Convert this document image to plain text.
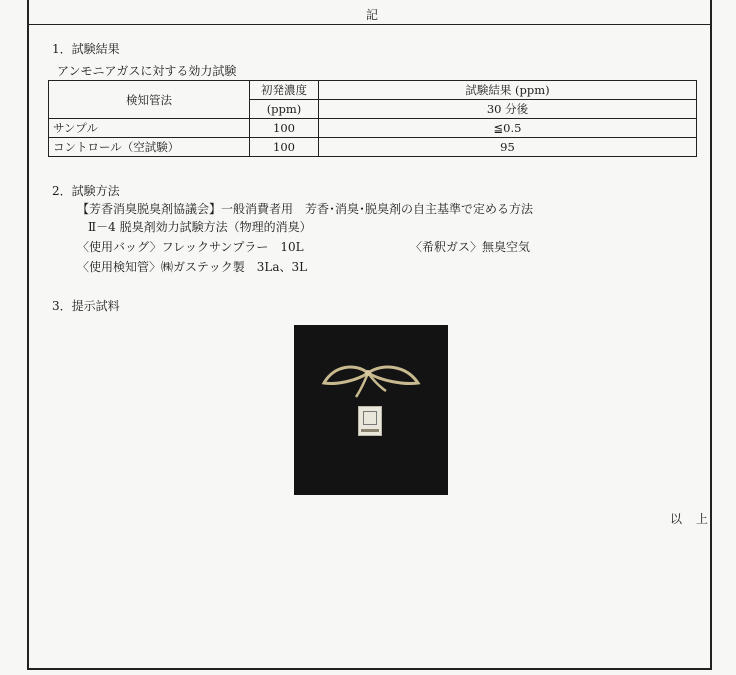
記
1．試験結果
アンモニアガスに対する効力試験
検知管法	初発濃度	試験結果 (ppm)
	(ppm)	30 分後
サンプル	100	≦0.5
コントロール（空試験）	100	95
2．試験方法
【芳香消臭脱臭剤協議会】一般消費者用　芳香･消臭･脱臭剤の自主基準で定める方法
Ⅱ－4 脱臭剤効力試験方法（物理的消臭）
〈使用バッグ〉フレックサンプラー　10L	〈希釈ガス〉無臭空気
〈使用検知管〉㈱ガステック製　3La、3L
3．提示試料
以上
